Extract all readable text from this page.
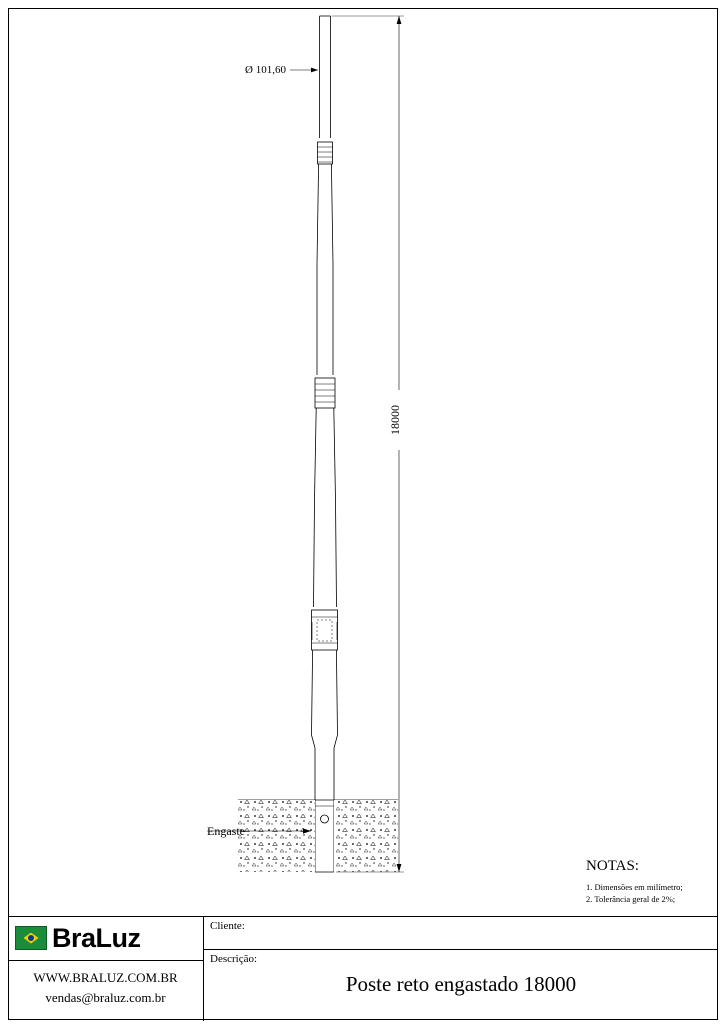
Ø 101,60
18000
Engaste
NOTAS:
1. Dimensões em milímetro;
2. Tolerância geral de 2%;
BraLuz
WWW.BRALUZ.COM.BR
vendas@braluz.com.br
Cliente:
Descrição:
Poste reto engastado 18000
